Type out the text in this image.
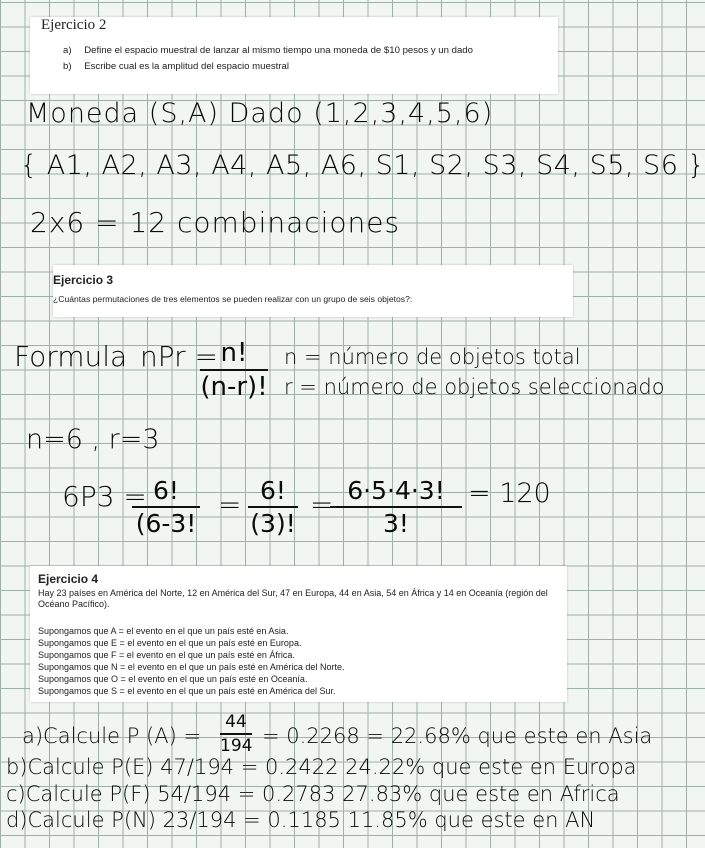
Ejercicio 2
a) Define el espacio muestral de lanzar al mismo tiempo una moneda de $10 pesos y un dado
b) Escribe cual es la amplitud del espacio muestral
Moneda (S,A) Dado (1,2,3,4,5,6)
{ A1, A2, A3, A4, A5, A6, S1, S2, S3, S4, S5, S6 }
2x6 = 12 combinaciones
Ejercicio 3

¿Cuántas permutaciones de tres elementos se pueden realizar con un grupo de seis objetos?:

Formula nPr = n!
(n-r)!
n = número de objetos total
r = número de objetos seleccionado
n=6 , r=3
6P3 = 6!
(6-3!
= 6!
(3)!
= 6·5·4·3!
3!
= 120
Ejercicio 4

Hay 23 países en América del Norte, 12 en América del Sur, 47 en Europa, 44 en Asia, 54 en África y 14 en Oceanía (región del Océano Pacífico).

Supongamos que A = el evento en el que un país esté en Asia.

Supongamos que E = el evento en el que un país esté en Europa.

Supongamos que F = el evento en el que un país esté en África.

Supongamos que N = el evento en el que un país esté en América del Norte.

Supongamos que O = el evento en el que un país esté en Oceanía.

Supongamos que S = el evento en el que un país esté en América del Sur.

a)Calcule P (A) =
44
194 = 0.2268 = 22.68% que este en Asia
b)Calcule P(E) 47/194 = 0.2422 24.22% que este en Europa
c)Calcule P(F) 54/194 = 0.2783 27.83% que este en Africa
d)Calcule P(N) 23/194 = 0.1185 11.85% que este en AN
